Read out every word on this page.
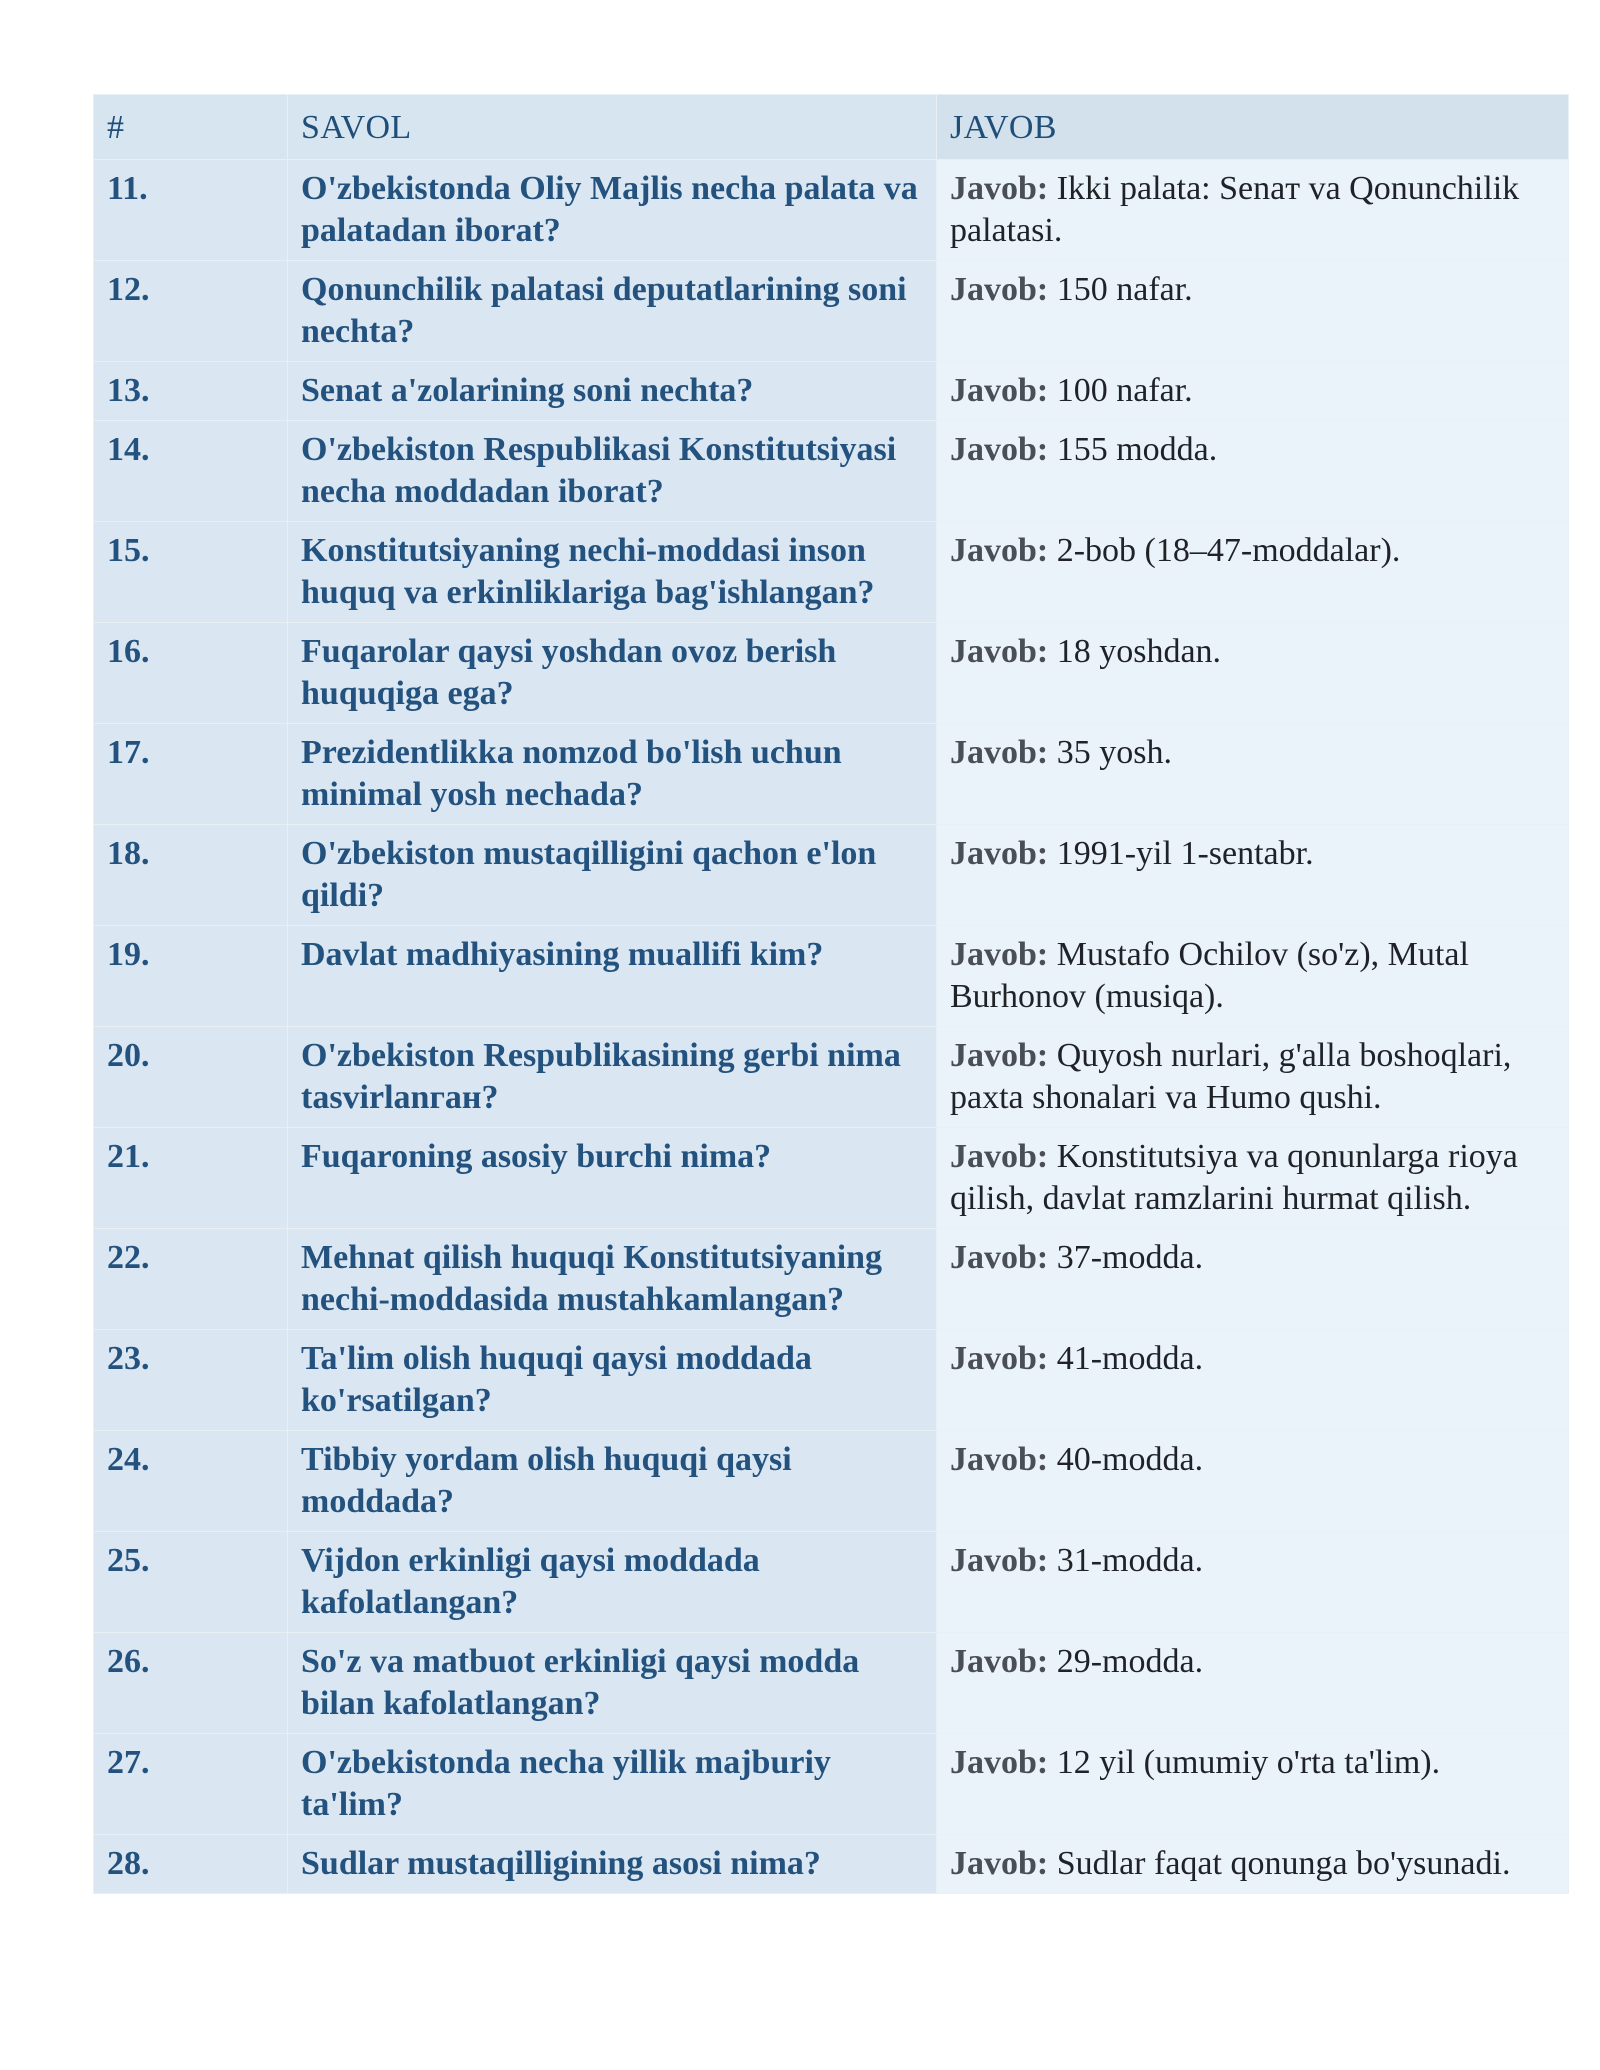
#	SAVOL	JAVOB
11.	O'zbekistonda Oliy Majlis necha palata va palatadan iborat?	Javob: Ikki palata: Senaт va Qonunchilik palatasi.
12.	Qonunchilik palatasi deputatlarining soni nechta?	Javob: 150 nafar.
13.	Senat a'zolarining soni nechta?	Javob: 100 nafar.
14.	O'zbekiston Respublikasi Konstitutsiyasi necha moddadan iborat?	Javob: 155 modda.
15.	Konstitutsiyaning nechi-moddasi inson huquq va erkinliklariga bag'ishlangan?	Javob: 2-bob (18–47-moddalar).
16.	Fuqarolar qaysi yoshdan ovoz berish huquqiga ega?	Javob: 18 yoshdan.
17.	Prezidentlikka nomzod bo'lish uchun minimal yosh nechada?	Javob: 35 yosh.
18.	O'zbekiston mustaqilligini qachon e'lon qildi?	Javob: 1991-yil 1-sentabr.
19.	Davlat madhiyasining muallifi kim?	Javob: Mustafo Ochilov (so'z), Mutal Burhonov (musiqa).
20.	O'zbekiston Respublikasining gerbi nima tasvirlanгaн?	Javob: Quyosh nurlari, g'alla boshoqlari, paxta shonalari va Humo qushi.
21.	Fuqaroning asosiy burchi nima?	Javob: Konstitutsiya va qonunlarga rioya qilish, davlat ramzlarini hurmat qilish.
22.	Mehnat qilish huquqi Konstitutsiyaning nechi-moddasida mustahkamlangan?	Javob: 37-modda.
23.	Ta'lim olish huquqi qaysi moddada ko'rsatilgan?	Javob: 41-modda.
24.	Tibbiy yordam olish huquqi qaysi moddada?	Javob: 40-modda.
25.	Vijdon erkinligi qaysi moddada kafolatlangan?	Javob: 31-modda.
26.	So'z va matbuot erkinligi qaysi modda bilan kafolatlangan?	Javob: 29-modda.
27.	O'zbekistonda necha yillik majburiy ta'lim?	Javob: 12 yil (umumiy o'rta ta'lim).
28.	Sudlar mustaqilligining asosi nima?	Javob: Sudlar faqat qonunga bo'ysunadi.
